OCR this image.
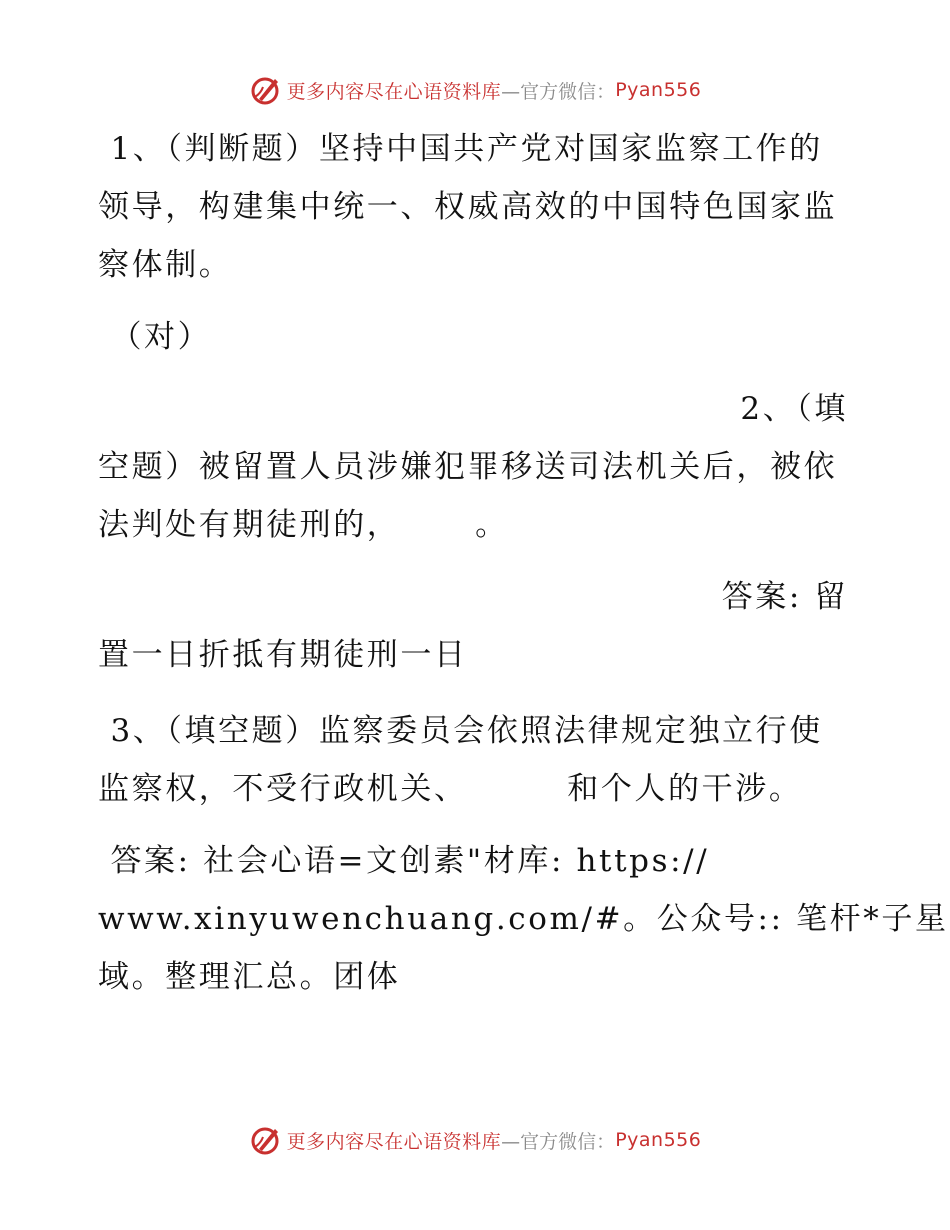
更多内容尽在心语资料库 —官方微信： Pyan556
1、（判断题）坚持中国共产党对国家监察工作的
领导，构建集中统一、权威高效的中国特色国家监
察体制。
（对）
2、（填
空题）被留置人员涉嫌犯罪移送司法机关后，被依
法判处有期徒刑的，      。
答案: 留
置一日折抵有期徒刑一日
3、（填空题）监察委员会依照法律规定独立行使
监察权，不受行政机关、        和个人的干涉。
答案: 社会心语=文创素"材库: https://
www.xinyuwenchuang.com/#。公众号:: 笔杆*子星
域。整理汇总。团体
更多内容尽在心语资料库 —官方微信： Pyan556
